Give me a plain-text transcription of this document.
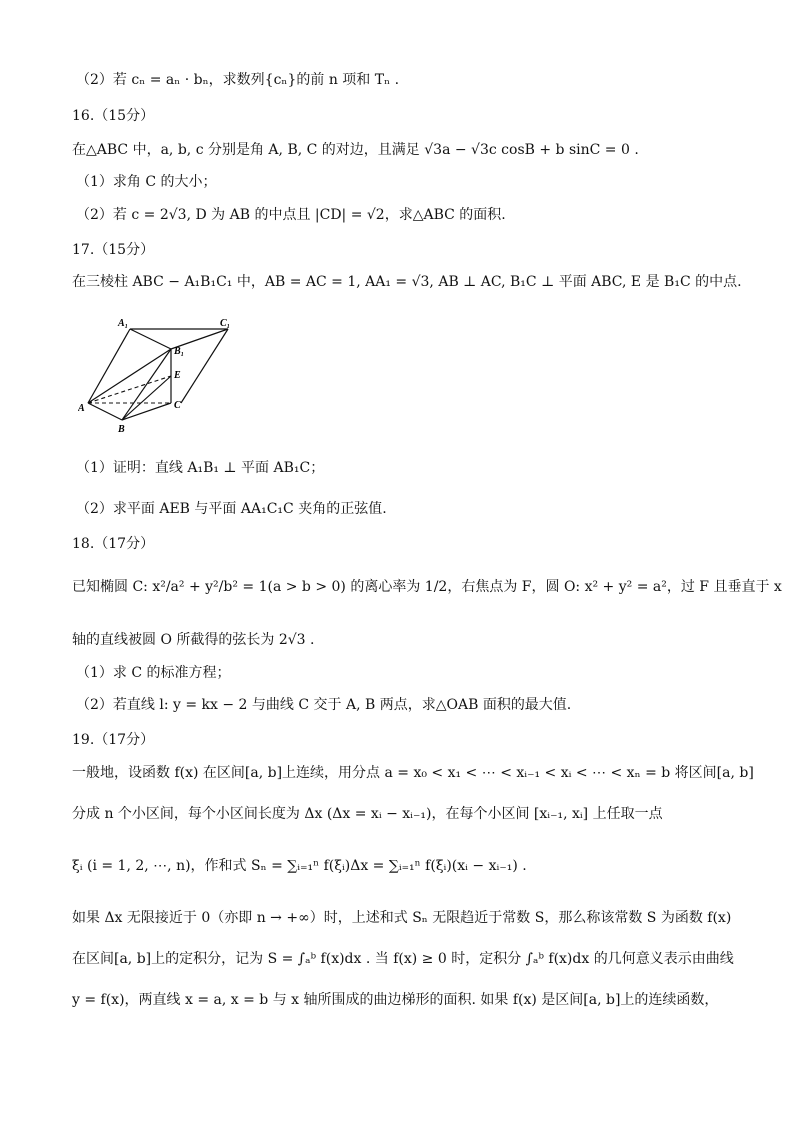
（2）若 cₙ = aₙ · bₙ，求数列{cₙ}的前 n 项和 Tₙ .
16.（15分）
在△ABC 中，a, b, c 分别是角 A, B, C 的对边，且满足 √3a − √3c cosB + b sinC = 0 .
（1）求角 C 的大小；
（2）若 c = 2√3, D 为 AB 的中点且 |CD| = √2，求△ABC 的面积.
17.（15分）
在三棱柱 ABC − A₁B₁C₁ 中，AB = AC = 1, AA₁ = √3, AB ⊥ AC, B₁C ⊥ 平面 ABC, E 是 B₁C 的中点.
A₁	C₁
B₁
E
A	C
B
（1）证明：直线 A₁B₁ ⊥ 平面 AB₁C；
（2）求平面 AEB 与平面 AA₁C₁C 夹角的正弦值.
18.（17分）
已知椭圆 C: x²/a² + y²/b² = 1(a > b > 0) 的离心率为 1/2，右焦点为 F，圆 O: x² + y² = a²，过 F 且垂直于 x
轴的直线被圆 O 所截得的弦长为 2√3 .
（1）求 C 的标准方程；
（2）若直线 l: y = kx − 2 与曲线 C 交于 A, B 两点，求△OAB 面积的最大值.
19.（17分）
一般地，设函数 f(x) 在区间[a, b]上连续，用分点 a = x₀ < x₁ < ⋯ < xᵢ₋₁ < xᵢ < ⋯ < xₙ = b 将区间[a, b]
分成 n 个小区间，每个小区间长度为 Δx (Δx = xᵢ − xᵢ₋₁)，在每个小区间 [xᵢ₋₁, xᵢ] 上任取一点
ξᵢ (i = 1, 2, ⋯, n)，作和式 Sₙ = ∑ᵢ₌₁ⁿ f(ξᵢ)Δx = ∑ᵢ₌₁ⁿ f(ξᵢ)(xᵢ − xᵢ₋₁) .
如果 Δx 无限接近于 0（亦即 n → +∞）时，上述和式 Sₙ 无限趋近于常数 S，那么称该常数 S 为函数 f(x)
在区间[a, b]上的定积分，记为 S = ∫ₐᵇ f(x)dx . 当 f(x) ≥ 0 时，定积分 ∫ₐᵇ f(x)dx 的几何意义表示由曲线
y = f(x)，两直线 x = a, x = b 与 x 轴所围成的曲边梯形的面积. 如果 f(x) 是区间[a, b]上的连续函数，
